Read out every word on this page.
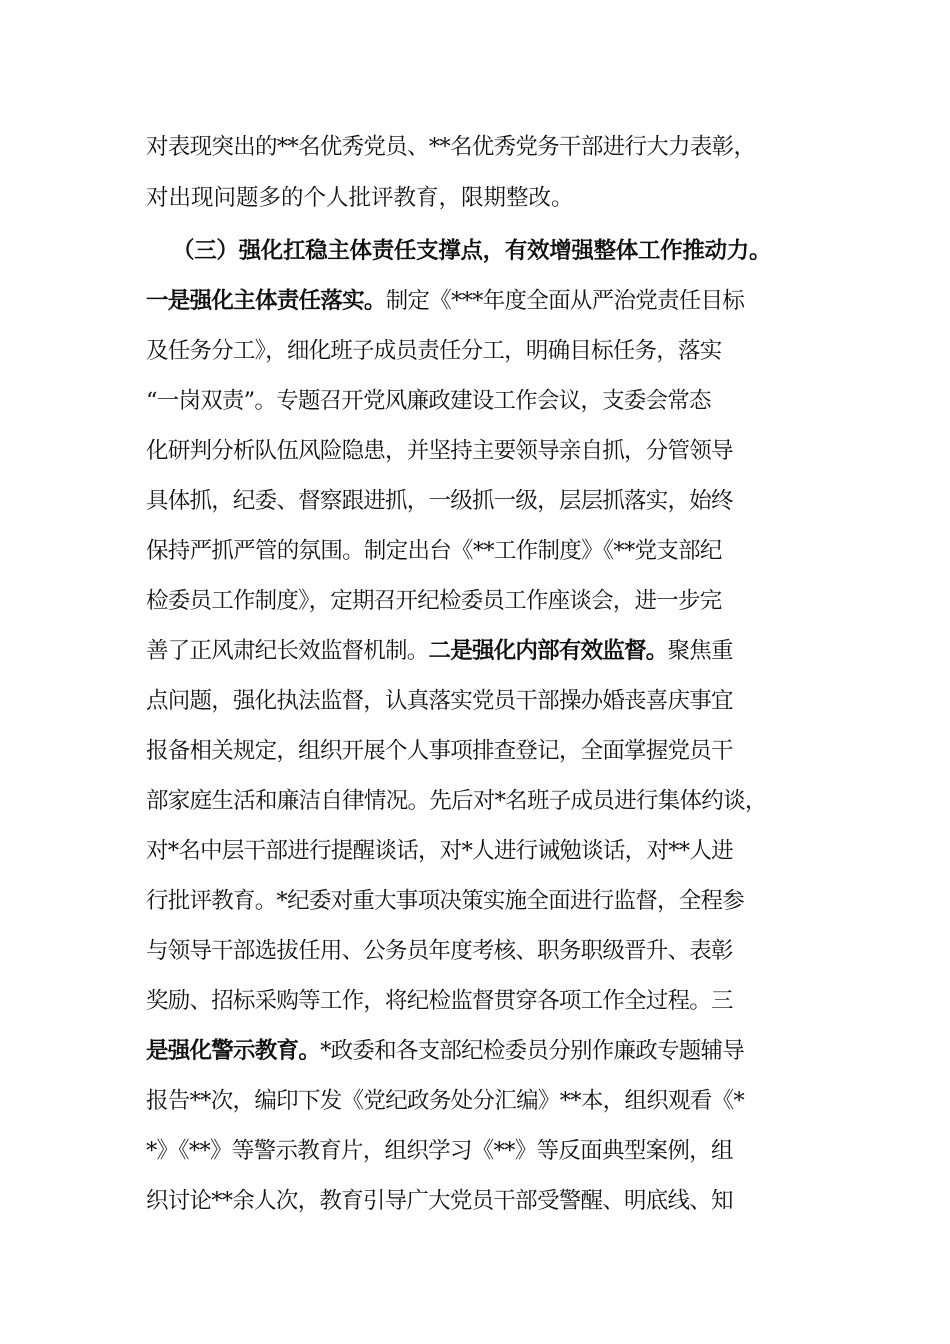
对表现突出的**名优秀党员、**名优秀党务干部进行大力表彰，
对出现问题多的个人批评教育，限期整改。
（三）强化扛稳主体责任支撑点，有效增强整体工作推动力。
一是强化主体责任落实。制定《***年度全面从严治党责任目标
及任务分工》，细化班子成员责任分工，明确目标任务，落实
“一岗双责”。专题召开党风廉政建设工作会议，支委会常态
化研判分析队伍风险隐患，并坚持主要领导亲自抓，分管领导
具体抓，纪委、督察跟进抓，一级抓一级，层层抓落实，始终
保持严抓严管的氛围。制定出台《**工作制度》《**党支部纪
检委员工作制度》，定期召开纪检委员工作座谈会，进一步完
善了正风肃纪长效监督机制。二是强化内部有效监督。聚焦重
点问题，强化执法监督，认真落实党员干部操办婚丧喜庆事宜
报备相关规定，组织开展个人事项排查登记，全面掌握党员干
部家庭生活和廉洁自律情况。先后对*名班子成员进行集体约谈，
对*名中层干部进行提醒谈话，对*人进行诫勉谈话，对**人进
行批评教育。*纪委对重大事项决策实施全面进行监督，全程参
与领导干部选拔任用、公务员年度考核、职务职级晋升、表彰
奖励、招标采购等工作，将纪检监督贯穿各项工作全过程。三
是强化警示教育。*政委和各支部纪检委员分别作廉政专题辅导
报告**次，编印下发《党纪政务处分汇编》**本，组织观看《*
*》《**》等警示教育片，组织学习《**》等反面典型案例，组
织讨论**余人次，教育引导广大党员干部受警醒、明底线、知
